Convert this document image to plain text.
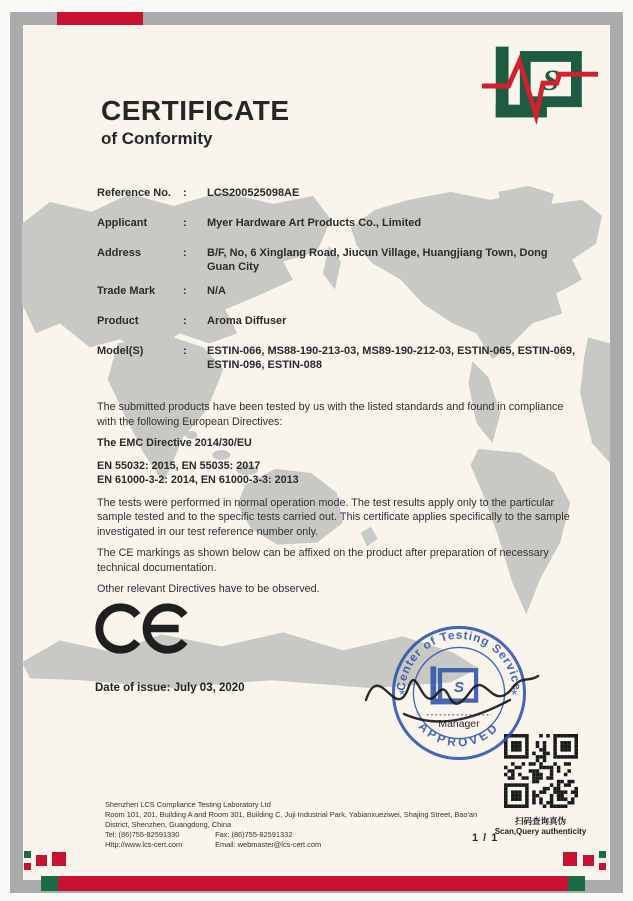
CERTIFICATE
of Conformity
S
Reference No.	:	LCS200525098AE
Applicant	:	Myer Hardware Art Products Co., Limited
Address	:	B/F, No, 6 Xinglang Road, Jiucun Village, Huangjiang Town, Dong Guan City
Trade Mark	:	N/A
Product	:	Aroma Diffuser
Model(S)	:	ESTIN-066, MS88-190-213-03, MS89-190-212-03, ESTIN-065, ESTIN-069, ESTIN-096, ESTIN-088

The submitted products have been tested by us with the listed standards and found in compliance with the following European Directives:

The EMC Directive 2014/30/EU

EN 55032: 2015, EN 55035: 2017
EN 61000-3-2: 2014, EN 61000-3-3: 2013

The tests were performed in normal operation mode. The test results apply only to the particular sample tested and to the specific tests carried out. This certificate applies specifically to the sample investigated in our test reference number only.

The CE markings as shown below can be affixed on the product after preparation of necessary technical documentation.

Other relevant Directives have to be observed.

Date of issue: July 03, 2020	Center of Testing Service
APPROVED
*	*
S
Manager
扫码查询真伪
Scan,Query authenticity
Shenzhen LCS Compliance Testing Laboratory Ltd
Room 101, 201, Building A and Room 301, Building C, Juji Industrial Park, Yabianxueziwei, Shajing Street, Bao'an District, Shenzhen, Guangdong, China
Tel: (86)755-82591330	Fax: (86)755-82591332
Http://www.lcs-cert.com	Email: webmaster@lcs-cert.com
1 / 1
